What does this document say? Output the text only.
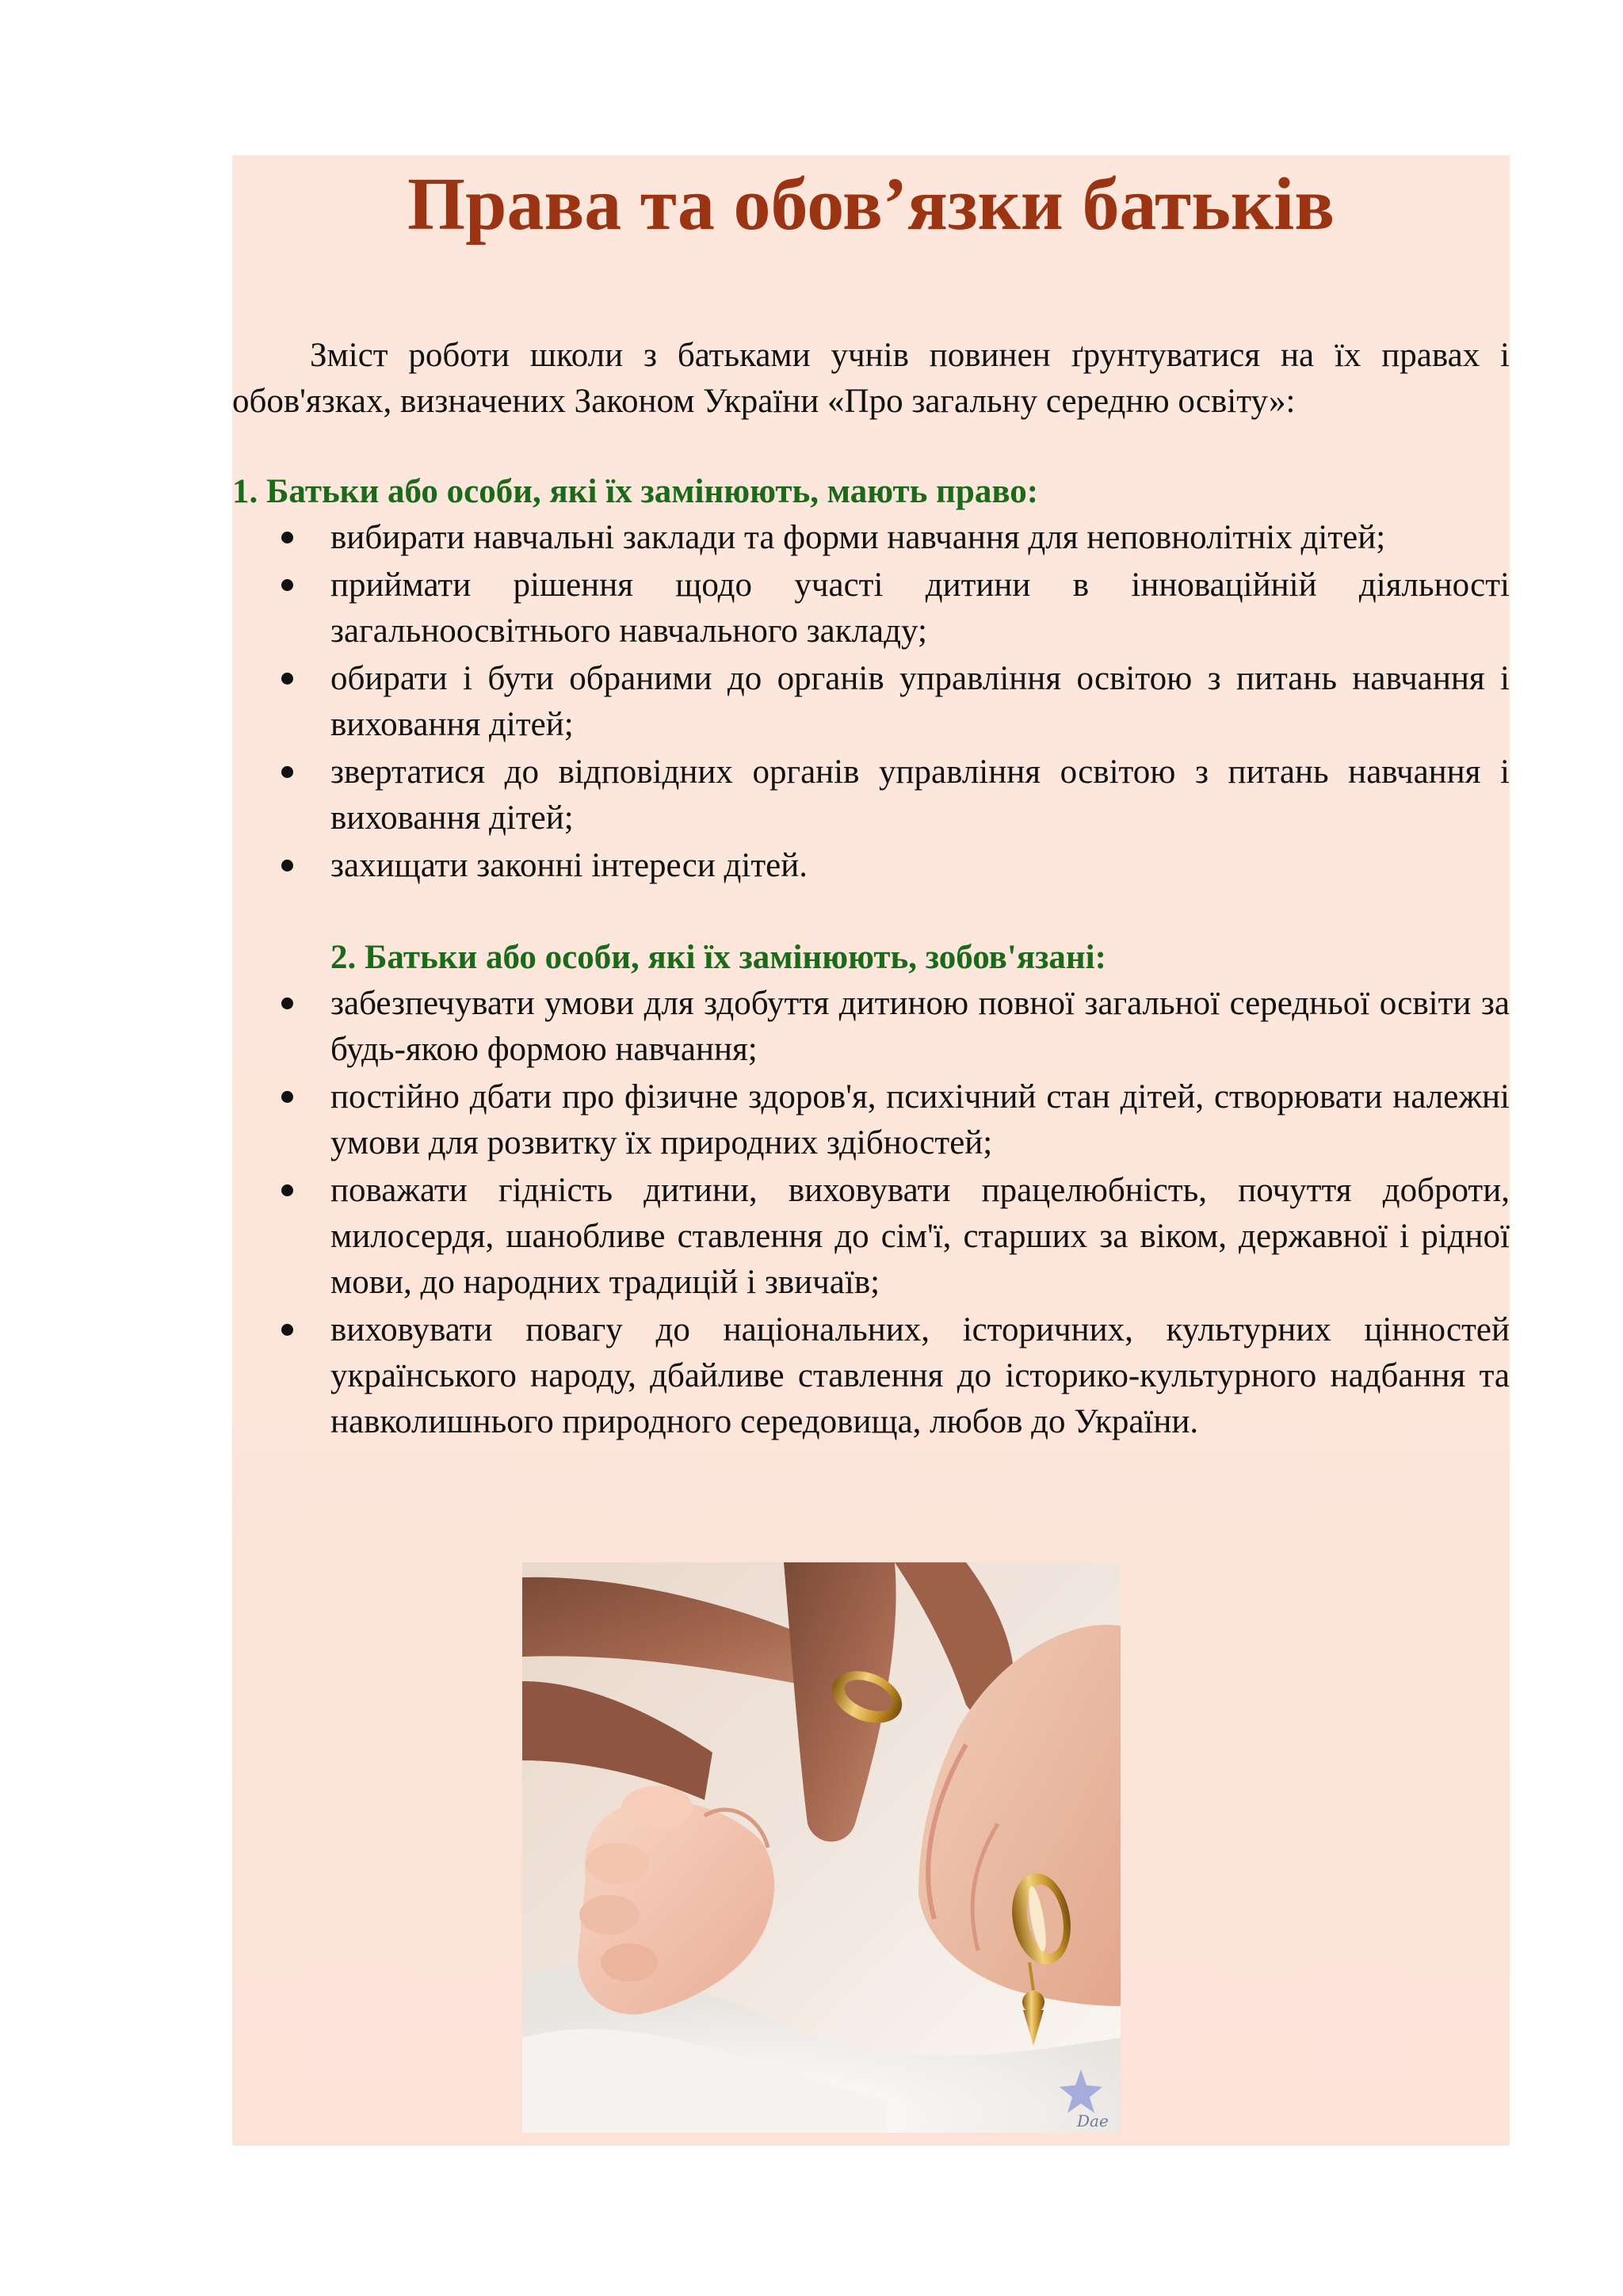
Права та обов’язки батьків

Зміст роботи школи з батьками учнів повинен ґрунтуватися на їх правах і обов'язках, визначених Законом України «Про загальну середню освіту»:

1. Батьки або особи, які їх замінюють, мають право:

вибирати навчальні заклади та форми навчання для неповнолітніх дітей;
приймати рішення щодо участі дитини в інноваційній діяльності загальноосвітнього навчального закладу;
обирати і бути обраними до органів управління освітою з питань навчання і виховання дітей;
звертатися до відповідних органів управління освітою з питань навчання і виховання дітей;
захищати законні інтереси дітей.

2. Батьки або особи, які їх замінюють, зобов'язані:

забезпечувати умови для здобуття дитиною повної загальної середньої освіти за будь-якою формою навчання;
постійно дбати про фізичне здоров'я, психічний стан дітей, створювати належні умови для розвитку їх природних здібностей;
поважати гідність дитини, виховувати працелюбність, почуття доброти, милосердя, шанобливе ставлення до сім'ї, старших за віком, державної і рідної мови, до народних традицій і звичаїв;
виховувати повагу до національних, історичних, культурних цінностей українського народу, дбайливе ставлення до історико-культурного надбання та навколишнього природного середовища, любов до України.
Dae
